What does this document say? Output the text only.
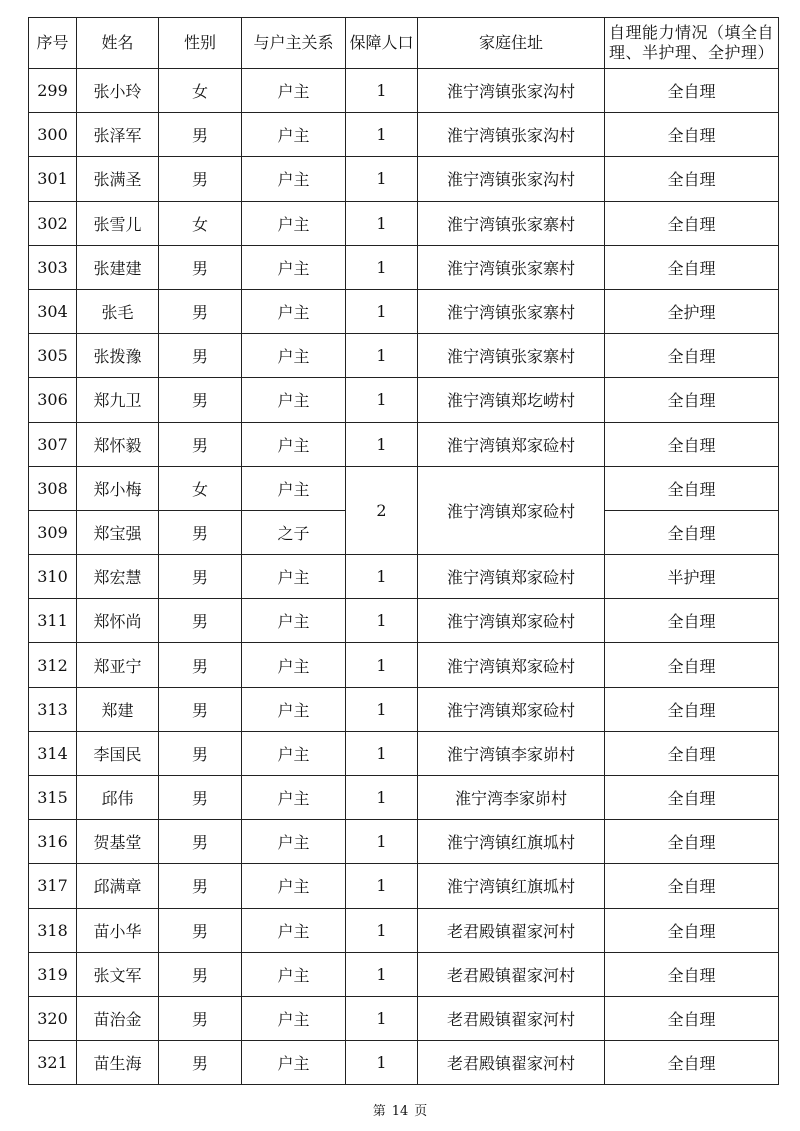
序号	姓名	性别	与户主关系	保障人口	家庭住址	自理能力情况（填全自理、半护理、全护理）
299	张小玲	女	户主	1	淮宁湾镇张家沟村	全自理
300	张泽军	男	户主	1	淮宁湾镇张家沟村	全自理
301	张满圣	男	户主	1	淮宁湾镇张家沟村	全自理
302	张雪儿	女	户主	1	淮宁湾镇张家寨村	全自理
303	张建建	男	户主	1	淮宁湾镇张家寨村	全自理
304	张毛	男	户主	1	淮宁湾镇张家寨村	全护理
305	张拨豫	男	户主	1	淮宁湾镇张家寨村	全自理
306	郑九卫	男	户主	1	淮宁湾镇郑圪崂村	全自理
307	郑怀毅	男	户主	1	淮宁湾镇郑家硷村	全自理
308	郑小梅	女	户主	2	淮宁湾镇郑家硷村	全自理
309	郑宝强	男	之子			全自理
310	郑宏慧	男	户主	1	淮宁湾镇郑家硷村	半护理
311	郑怀尚	男	户主	1	淮宁湾镇郑家硷村	全自理
312	郑亚宁	男	户主	1	淮宁湾镇郑家硷村	全自理
313	郑建	男	户主	1	淮宁湾镇郑家硷村	全自理
314	李国民	男	户主	1	淮宁湾镇李家峁村	全自理
315	邱伟	男	户主	1	淮宁湾李家峁村	全自理
316	贺基堂	男	户主	1	淮宁湾镇红旗坬村	全自理
317	邱满章	男	户主	1	淮宁湾镇红旗坬村	全自理
318	苗小华	男	户主	1	老君殿镇翟家河村	全自理
319	张文军	男	户主	1	老君殿镇翟家河村	全自理
320	苗治金	男	户主	1	老君殿镇翟家河村	全自理
321	苗生海	男	户主	1	老君殿镇翟家河村	全自理
第 14 页
